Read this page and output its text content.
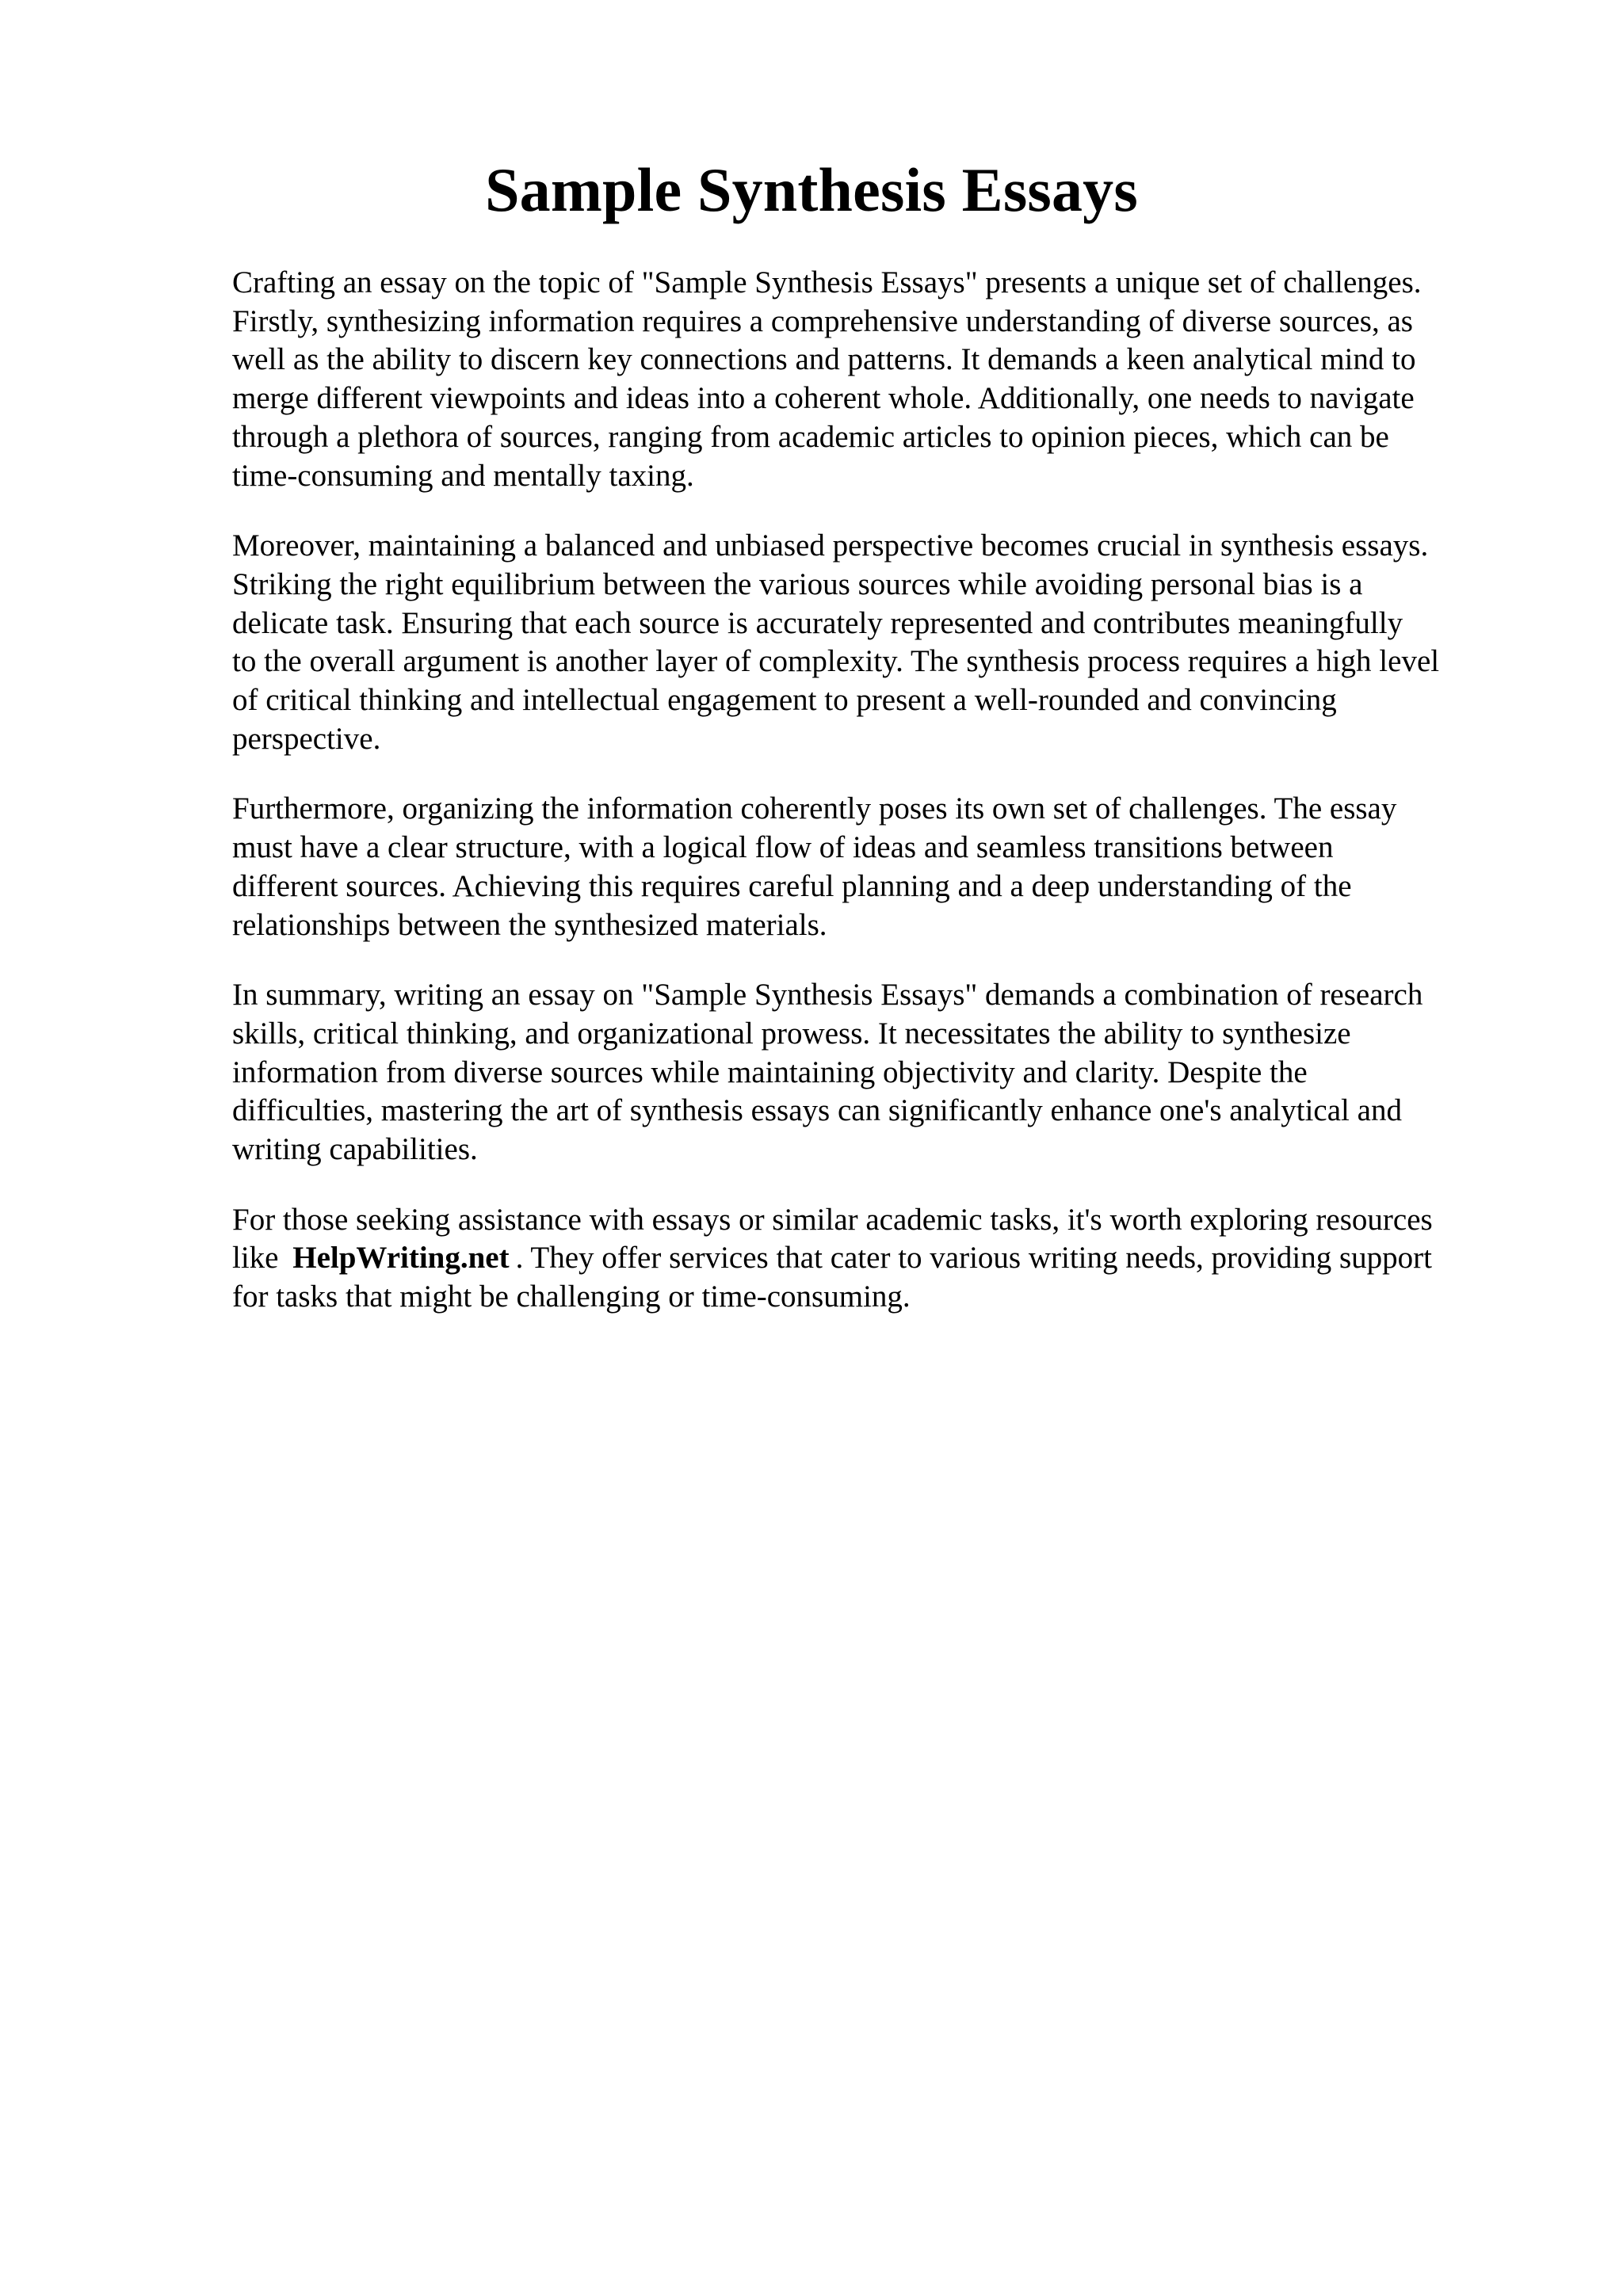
Sample Synthesis Essays

Crafting an essay on the topic of "Sample Synthesis Essays" presents a unique set of challenges.
Firstly, synthesizing information requires a comprehensive understanding of diverse sources, as
well as the ability to discern key connections and patterns. It demands a keen analytical mind to
merge different viewpoints and ideas into a coherent whole. Additionally, one needs to navigate
through a plethora of sources, ranging from academic articles to opinion pieces, which can be
time-consuming and mentally taxing.

Moreover, maintaining a balanced and unbiased perspective becomes crucial in synthesis essays.
Striking the right equilibrium between the various sources while avoiding personal bias is a
delicate task. Ensuring that each source is accurately represented and contributes meaningfully
to the overall argument is another layer of complexity. The synthesis process requires a high level
of critical thinking and intellectual engagement to present a well-rounded and convincing
perspective.

Furthermore, organizing the information coherently poses its own set of challenges. The essay
must have a clear structure, with a logical flow of ideas and seamless transitions between
different sources. Achieving this requires careful planning and a deep understanding of the
relationships between the synthesized materials.

In summary, writing an essay on "Sample Synthesis Essays" demands a combination of research
skills, critical thinking, and organizational prowess. It necessitates the ability to synthesize
information from diverse sources while maintaining objectivity and clarity. Despite the
difficulties, mastering the art of synthesis essays can significantly enhance one's analytical and
writing capabilities.

For those seeking assistance with essays or similar academic tasks, it's worth exploring resources
like HelpWriting.net . They offer services that cater to various writing needs, providing support
for tasks that might be challenging or time-consuming.
